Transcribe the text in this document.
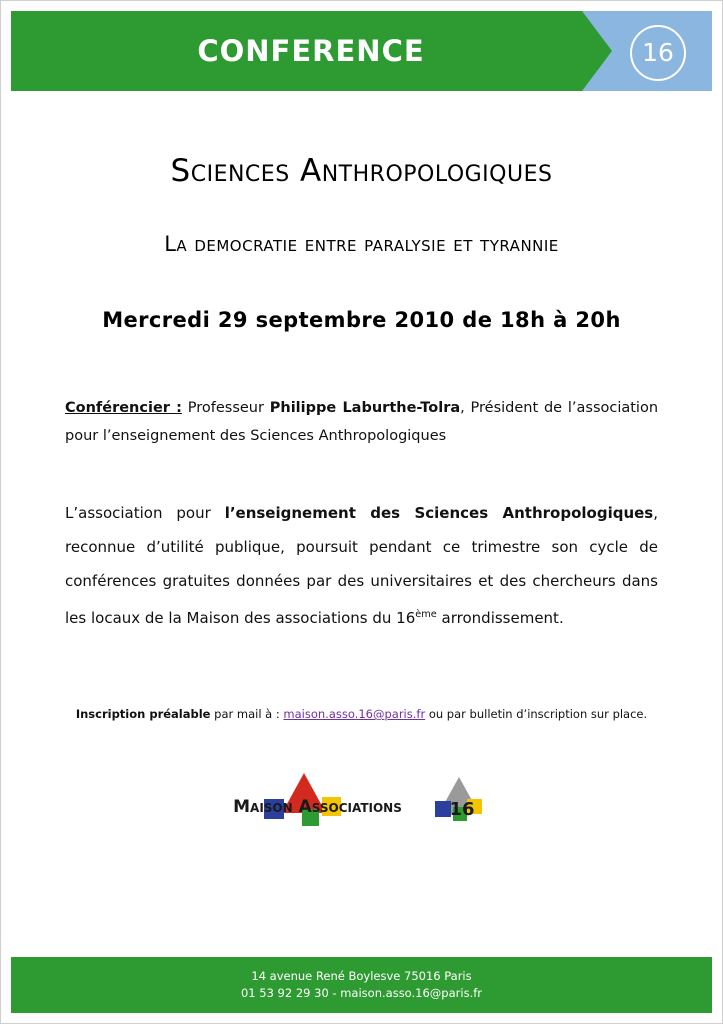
CONFERENCE	16
Sciences Anthropologiques
La democratie entre paralysie et tyrannie
Mercredi 29 septembre 2010 de 18h à 20h
Conférencier : Professeur Philippe Laburthe-Tolra, Président de l’association pour l’enseignement des Sciences Anthropologiques
L’association pour l’enseignement des Sciences Anthropologiques, reconnue d’utilité publique, poursuit pendant ce trimestre son cycle de conférences gratuites données par des universitaires et des chercheurs dans les locaux de la Maison des associations du 16ème arrondissement.
Inscription préalable par mail à : maison.asso.16@paris.fr ou par bulletin d’inscription sur place.
Maison Associations	16
14 avenue René Boylesve 75016 Paris
01 53 92 29 30 - maison.asso.16@paris.fr
